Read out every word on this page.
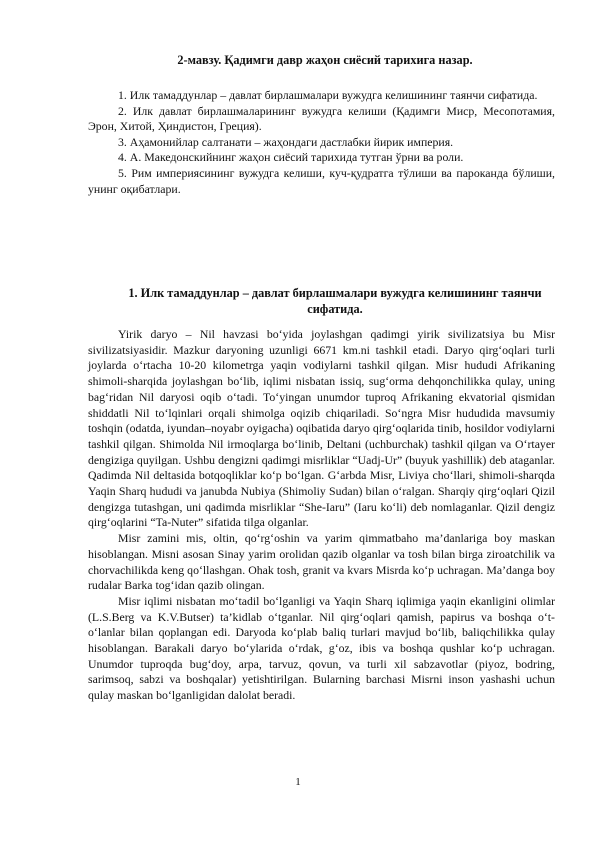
2-мавзу. Қадимги давр жаҳон сиёсий тарихига назар.

1. Илк тамаддунлар – давлат бирлашмалари вужудга келишининг таянчи сифатида.

2. Илк давлат бирлашмаларининг вужудга келиши (Қадимги Миср, Месопотамия, Эрон, Хитой, Ҳиндистон, Греция).

3. Аҳамонийлар салтанати – жаҳондаги дастлабки йирик империя.

4. А. Македонскийнинг жаҳон сиёсий тарихида тутган ўрни ва роли.

5. Рим империясининг вужудга келиши, куч-қудратга тўлиши ва пароканда бўлиши, унинг оқибатлари.

1. Илк тамаддунлар – давлат бирлашмалари вужудга келишининг таянчи сифатида.

Yirik daryo – Nil havzasi bo‘yida joylashgan qadimgi yirik sivilizatsiya bu Misr sivilizatsiyasidir. Mazkur daryoning uzunligi 6671 km.ni tashkil etadi. Daryo qirg‘oqlari turli joylarda o‘rtacha 10-20 kilometrga yaqin vodiylarni tashkil qilgan. Misr hududi Afrikaning shimoli-sharqida joylashgan bo‘lib, iqlimi nisbatan issiq, sug‘orma dehqonchilikka qulay, uning bag‘ridan Nil daryosi oqib o‘tadi. To‘yingan unumdor tuproq Afrikaning ekvatorial qismidan shiddatli Nil to‘lqinlari orqali shimolga oqizib chiqariladi. So‘ngra Misr hududida mavsumiy toshqin (odatda, iyundan–noyabr oyigacha) oqibatida daryo qirg‘oqlarida tinib, hosildor vodiylarni tashkil qilgan. Shimolda Nil irmoqlarga bo‘linib, Deltani (uchburchak) tashkil qilgan va O‘rtayer dengiziga quyilgan. Ushbu dengizni qadimgi misrliklar “Uadj-Ur” (buyuk yashillik) deb ataganlar. Qadimda Nil deltasida botqoqliklar ko‘p bo‘lgan. G‘arbda Misr, Liviya cho‘llari, shimoli-sharqda Yaqin Sharq hududi va janubda Nubiya (Shimoliy Sudan) bilan o‘ralgan. Sharqiy qirg‘oqlari Qizil dengizga tutashgan, uni qadimda misrliklar “She-Iaru” (Iaru ko‘li) deb nomlaganlar. Qizil dengiz qirg‘oqlarini “Ta-Nuter” sifatida tilga olganlar.

Misr zamini mis, oltin, qo‘rg‘oshin va yarim qimmatbaho ma’danlariga boy maskan hisoblangan. Misni asosan Sinay yarim orolidan qazib olganlar va tosh bilan birga ziroatchilik va chorvachilikda keng qo‘llashgan. Ohak tosh, granit va kvars Misrda ko‘p uchragan. Ma’danga boy rudalar Barka tog‘idan qazib olingan.

Misr iqlimi nisbatan mo‘tadil bo‘lganligi va Yaqin Sharq iqlimiga yaqin ekanligini olimlar (L.S.Berg va K.V.Butser) ta’kidlab o‘tganlar. Nil qirg‘oqlari qamish, papirus va boshqa o‘t-o‘lanlar bilan qoplangan edi. Daryoda ko‘plab baliq turlari mavjud bo‘lib, baliqchilikka qulay hisoblangan. Barakali daryo bo‘ylarida o‘rdak, g‘oz, ibis va boshqa qushlar ko‘p uchragan. Unumdor tuproqda bug‘doy, arpa, tarvuz, qovun, va turli xil sabzavotlar (piyoz, bodring, sarimsoq, sabzi va boshqalar) yetishtirilgan. Bularning barchasi Misrni inson yashashi uchun qulay maskan bo‘lganligidan dalolat beradi.

1
